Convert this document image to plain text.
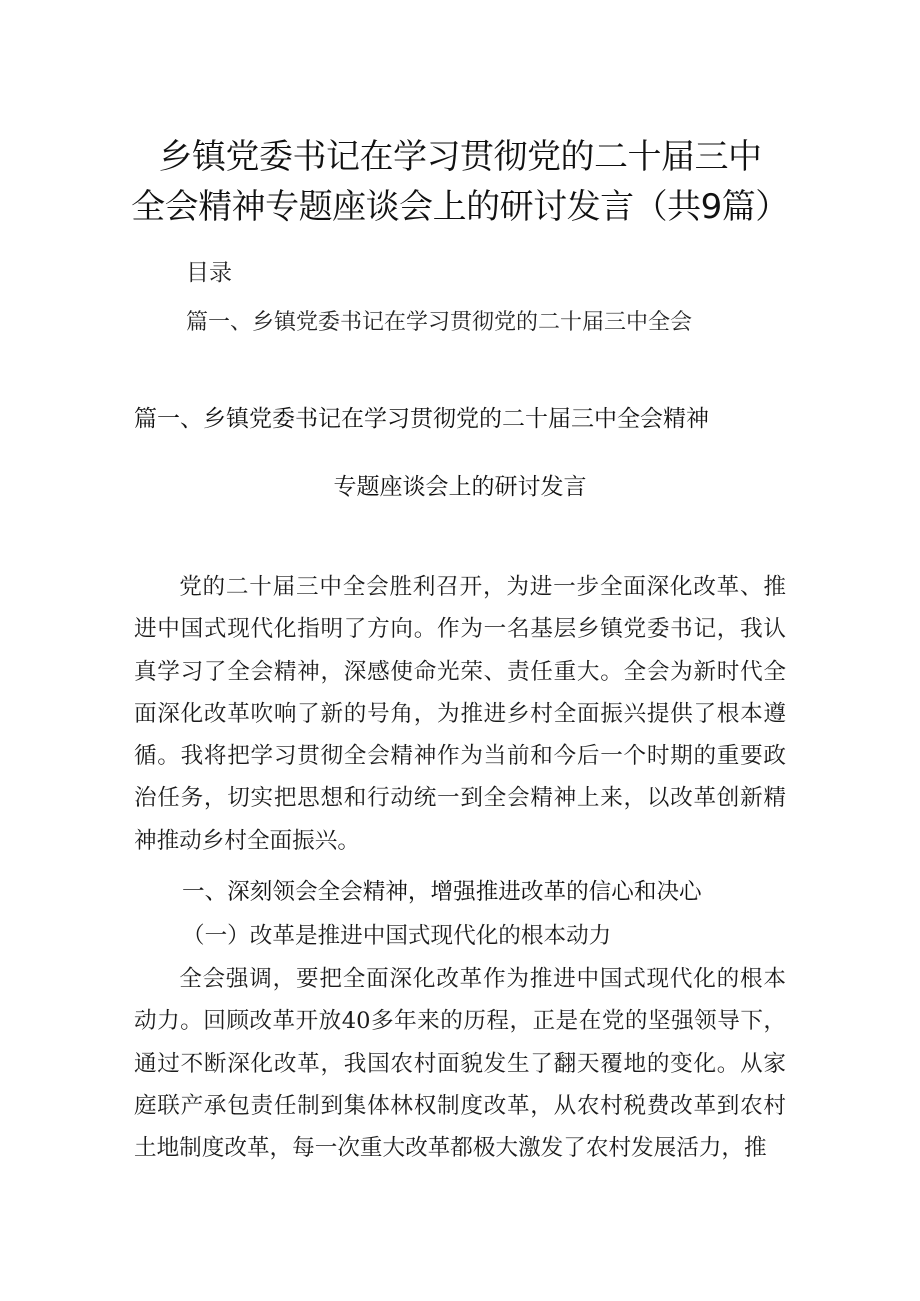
乡镇党委书记在学习贯彻党的二十届三中
全会精神专题座谈会上的研讨发言（共9篇）
目录
篇一、乡镇党委书记在学习贯彻党的二十届三中全会
篇一、乡镇党委书记在学习贯彻党的二十届三中全会精神
专题座谈会上的研讨发言

党的二十届三中全会胜利召开，为进一步全面深化改革、推进中国式现代化指明了方向。作为一名基层乡镇党委书记，我认真学习了全会精神，深感使命光荣、责任重大。全会为新时代全面深化改革吹响了新的号角，为推进乡村全面振兴提供了根本遵循。我将把学习贯彻全会精神作为当前和今后一个时期的重要政治任务，切实把思想和行动统一到全会精神上来，以改革创新精神推动乡村全面振兴。

一、深刻领会全会精神，增强推进改革的信心和决心
（一）改革是推进中国式现代化的根本动力

全会强调，要把全面深化改革作为推进中国式现代化的根本动力。回顾改革开放40多年来的历程，正是在党的坚强领导下，通过不断深化改革，我国农村面貌发生了翻天覆地的变化。从家庭联产承包责任制到集体林权制度改革，从农村税费改革到农村土地制度改革，每一次重大改革都极大激发了农村发展活力，推
